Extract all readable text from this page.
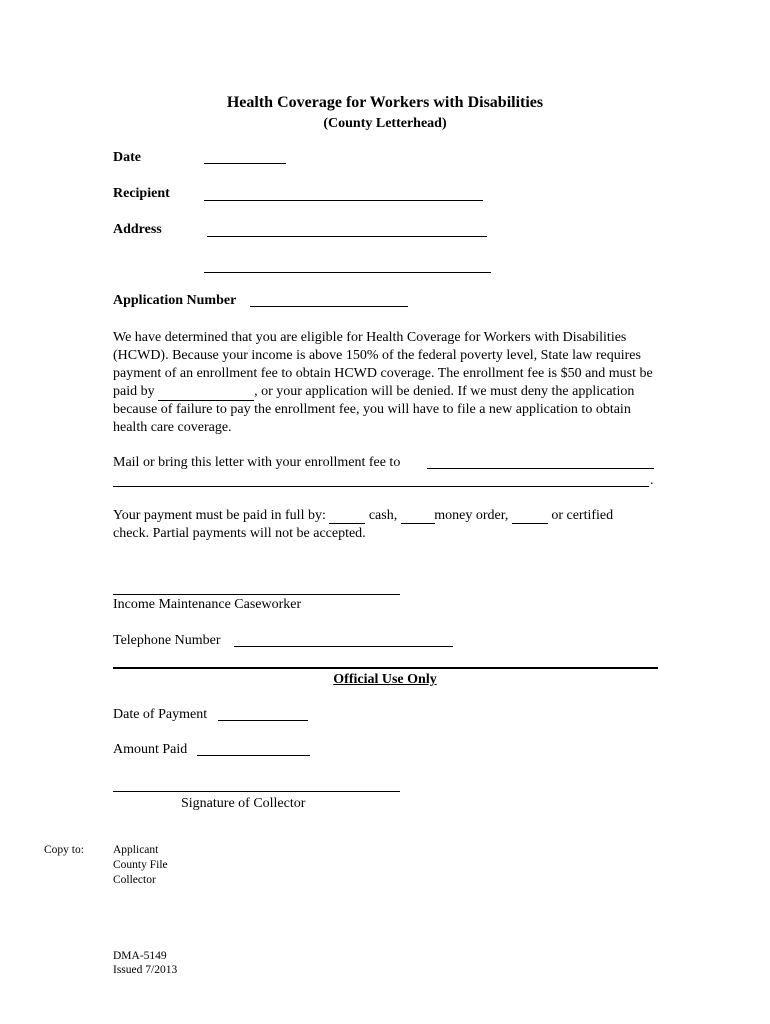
Health Coverage for Workers with Disabilities
(County Letterhead)
Date
Recipient
Address
Application Number
We have determined that you are eligible for Health Coverage for Workers with Disabilities (HCWD). Because your income is above 150% of the federal poverty level, State law requires payment of an enrollment fee to obtain HCWD coverage. The enrollment fee is $50 and must be paid by	, or your application will be denied. If we must deny the application because of failure to pay the enrollment fee, you will have to file a new application to obtain health care coverage.
Mail or bring this letter with your enrollment fee to
.
Your payment must be paid in full by:	cash,	money order,	or certified
check. Partial payments will not be accepted.
Income Maintenance Caseworker
Telephone Number
Official Use Only
Date of Payment
Amount Paid
Signature of Collector
Copy to:	Applicant
County File
Collector
DMA-5149
Issued 7/2013
